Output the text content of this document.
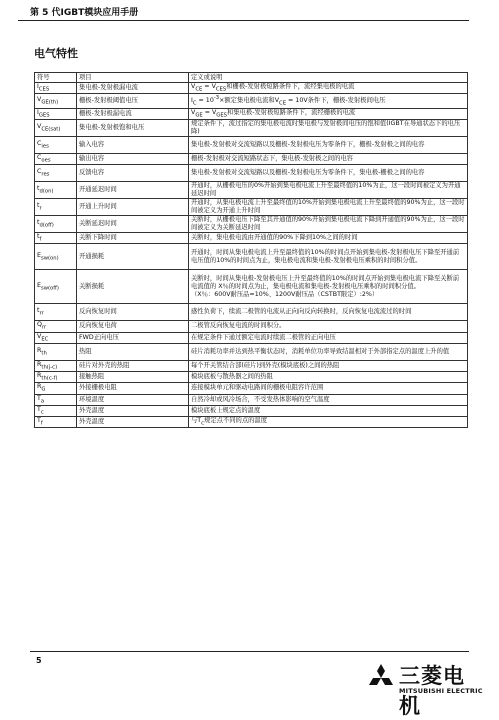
第 5 代IGBT模块应用手册
电气特性
符号	项目	定义或说明
$I_{CES}$	集电极-发射极漏电流	$V_{CE} = V_{CES}$和栅极-发射极短路条件下，流经集电极的电流
$V_{GE(th)}$	栅极-发射极阈值电压	$I_C = 10^{-3}\times$额定集电极电流和$V_{CE} = 10V$条件下，栅极-发射极间电压
$I_{GES}$	栅极-发射极漏电流	$V_{GE} = V_{GES}$和集电极-发射极短路条件下，流经栅极的电流
$V_{CE(sat)}$	集电极-发射极饱和电压	规定条件下，流过指定的集电极电流时集电极与发射极间电压的饱和值(IGBT在导通状态下的电压降)
$C_{ies}$	输入电容	集电极-发射极对交流短路以及栅极-发射极电压为零条件下，栅极-发射极之间的电容
$C_{oes}$	输出电容	栅极-发射极对交流短路状态下，集电极-发射极之间的电容
$C_{res}$	反馈电容	集电极-发射极对交流短路以及栅极-发射极电压为零条件下，集电极-栅极之间的电容
$t_{d(on)}$	开通延迟时间	开通时，从栅极电压的0%开始到集电极电流上升至最终值的10%为止，这一段时间被定义为开通延迟时间
$t_r$	开通上升时间	开通时，从集电极电流上升至最终值的10%开始到集电极电流上升至最终值的90%为止，这一段时间被定义为开通上升时间
$t_{d(off)}$	关断延迟时间	关断时，从栅极电压下降至其开通值的90%开始到集电极电流下降到开通值的90%为止，这一段时间被定义为关断延迟时间
$t_f$	关断下降时间	关断时，集电极电流由开通值的90%下降到10%之间的时间
$E_{sw(on)}$	开通损耗	开通时，时间从集电极电流上升至最终值的10%的时间点开始到集电极-发射极电压下降至开通前电压值的10%的时间点为止，集电极电流和集电极-发射极电压乘积的时间积分值。
$E_{sw(off)}$	关断损耗	关断时，时间从集电极-发射极电压上升至最终值的10%的时间点开始到集电极电流下降至关断前电流值的 X％的时间点为止，集电极电流和集电极-发射极电压乘积的时间积分值。
（X％：600V耐压品=10%、1200V耐压品（CSTBT限定）:2%）
$t_{rr}$	反向恢复时间	感性负荷下，续流二极管的电流从正向向反向转换时，反向恢复电流流过的时间
$Q_{rr}$	反向恢复电荷	二极管反向恢复电流的时间积分。
$V_{EC}$	FWD正向电压	在规定条件下通过额定电流时续流二极管的正向电压
$R_{th}$	热阻	硅片消耗功率并达到热平衡状态时，消耗单位功率导致结温相对于外部指定点的温度上升的值
$R_{th(j-c)}$	硅片对外壳的热阻	每个开关管结合部(硅片)到外壳(模块底板)之间的热阻
$R_{th(c-f)}$	接触热阻	模块底板与散热器之间的热阻
$R_G$	外接栅极电阻	连接模块单元和驱动电路间的栅极电阻容许范围
$T_a$	环境温度	自然冷却或风冷场合，不受发热体影响的空气温度
$T_c$	外壳温度	模块底板上规定点的温度
$T_f$	外壳温度	与$T_c$规定点不同的点的温度
5
三菱电机
MITSUBISHI ELECTRIC
